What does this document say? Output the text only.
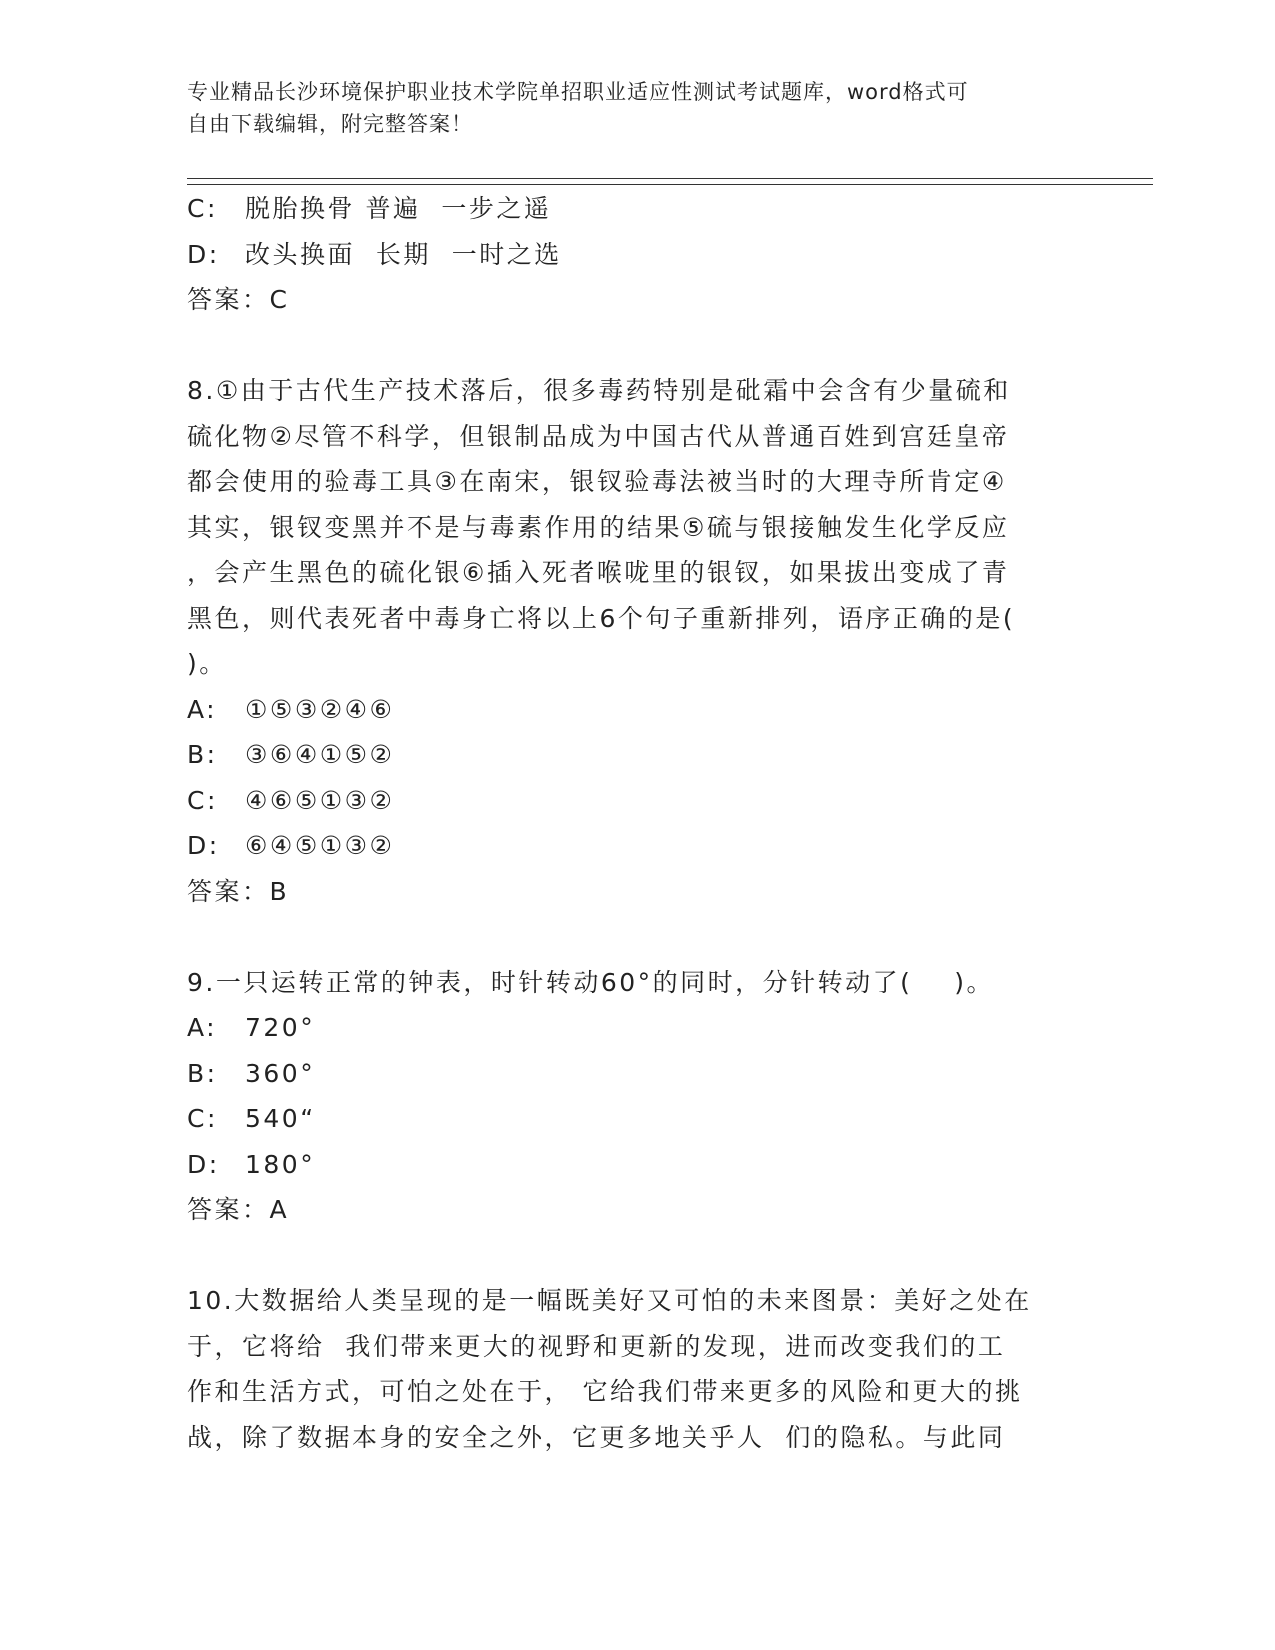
专业精品长沙环境保护职业技术学院单招职业适应性测试考试题库，word格式可
自由下载编辑，附完整答案！
C: 脱胎换骨 普遍  一步之遥
D: 改头换面  长期  一时之选
答案：C
8.①由于古代生产技术落后，很多毒药特别是砒霜中会含有少量硫和
硫化物②尽管不科学，但银制品成为中国古代从普通百姓到宫廷皇帝
都会使用的验毒工具③在南宋，银钗验毒法被当时的大理寺所肯定④
其实，银钗变黑并不是与毒素作用的结果⑤硫与银接触发生化学反应
，会产生黑色的硫化银⑥插入死者喉咙里的银钗，如果拔出变成了青
黑色，则代表死者中毒身亡将以上6个句子重新排列，语序正确的是(
)。
A: ①⑤③②④⑥
B: ③⑥④①⑤②
C: ④⑥⑤①③②
D: ⑥④⑤①③②
答案：B
9.一只运转正常的钟表，时针转动60°的同时，分针转动了(    )。
A: 720°
B: 360°
C: 540“
D: 180°
答案：A
10.大数据给人类呈现的是一幅既美好又可怕的未来图景：美好之处在
于，它将给  我们带来更大的视野和更新的发现，进而改变我们的工
作和生活方式，可怕之处在于， 它给我们带来更多的风险和更大的挑
战，除了数据本身的安全之外，它更多地关乎人  们的隐私。与此同
